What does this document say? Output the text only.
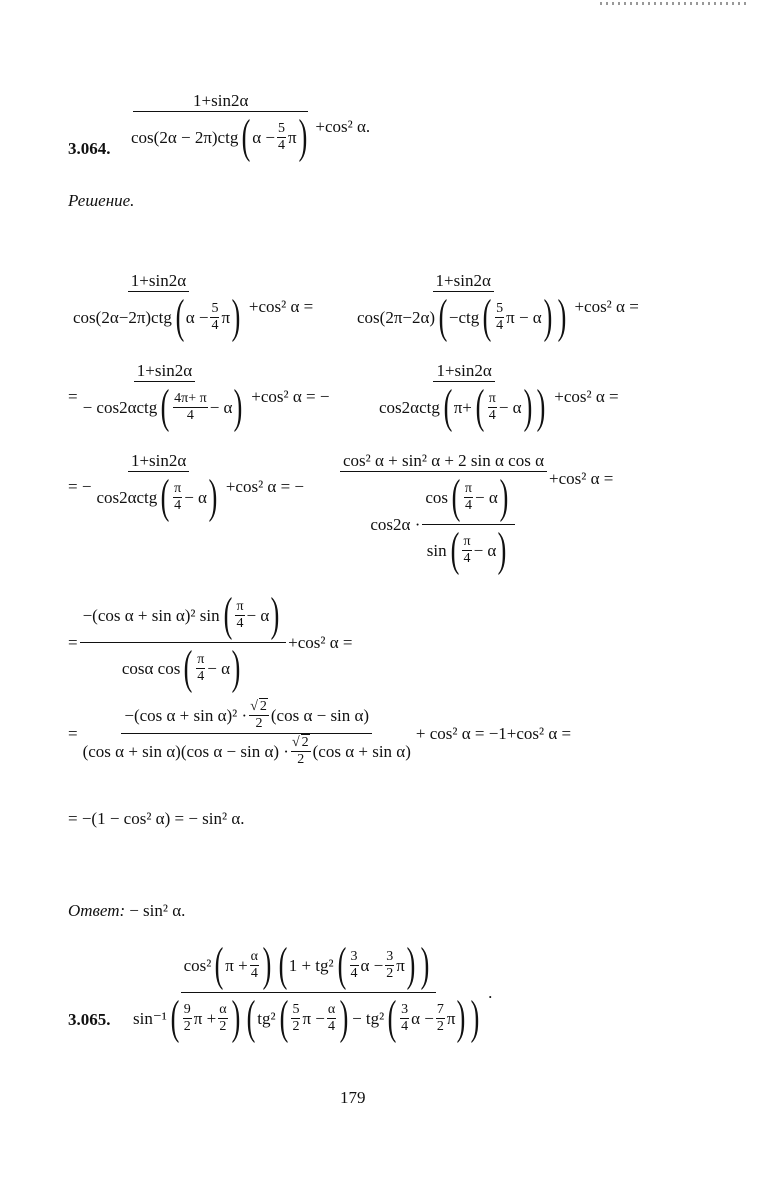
3.064.
1+sin2α
cos(2α − 2π)ctg
( $\alpha - \frac{5}{4}$ π
)
+cos² α.
Решение.
1+sin2α
cos(2α−2π)ctg
( $\alpha - \frac{5}{4}$ π
)
+cos² α =
1+sin2α
cos(2π−2α)
( −ctg
( $\frac{5}{4}$ π − α
)
)
+cos² α =
= 1+sin2α
− cos2αctg
( $\frac{4\pi+ \pi}{4} - \alpha$
) +cos² α = −
1+sin2α
cos2αctg
( π+
( $\frac{\pi}{4} - \alpha$
)
)
+cos² α =
= − 1+sin2α
cos2αctg
( $\frac{\pi}{4} - \alpha$
) +cos² α = −
cos² α + sin² α + 2 sin α cos α
cos2α · cos
( $\frac{\pi}{4} - \alpha$
)
sin
( $\frac{\pi}{4} - \alpha$
) +cos² α =
= −(cos α + sin α)² sin
( $\frac{\pi}{4} - \alpha$
)
cosα cos
( $\frac{\pi}{4} - \alpha$
) +cos² α =
=
−(cos $\alpha + \sin \alpha)^2 \cdot \frac{√ 2}{2} (\cos$ α − sin α)
(cos α + sin α)(cos $\alpha - \sin \alpha) \cdot \frac{√ 2}{2} (\cos$ α + sin α)
+ cos² α = −1+cos² α =
= −(1 − cos² α) = − sin² α.
Ответ: − sin² α.
3.065.
cos²
( $\pi + \frac{\alpha}{4}$
)
( 1 + tg²
( $\frac{3}{4}$ $\alpha - \frac{3}{2}$ π
)
)
sin⁻¹
( $\frac{9}{2}$ $\pi + \frac{\alpha}{2}$
)
( tg²
( $\frac{5}{2}$ $\pi - \frac{\alpha}{4}$
) − tg²
( $\frac{3}{4}$ $\alpha - \frac{7}{2}$ π
)
)
.
179
